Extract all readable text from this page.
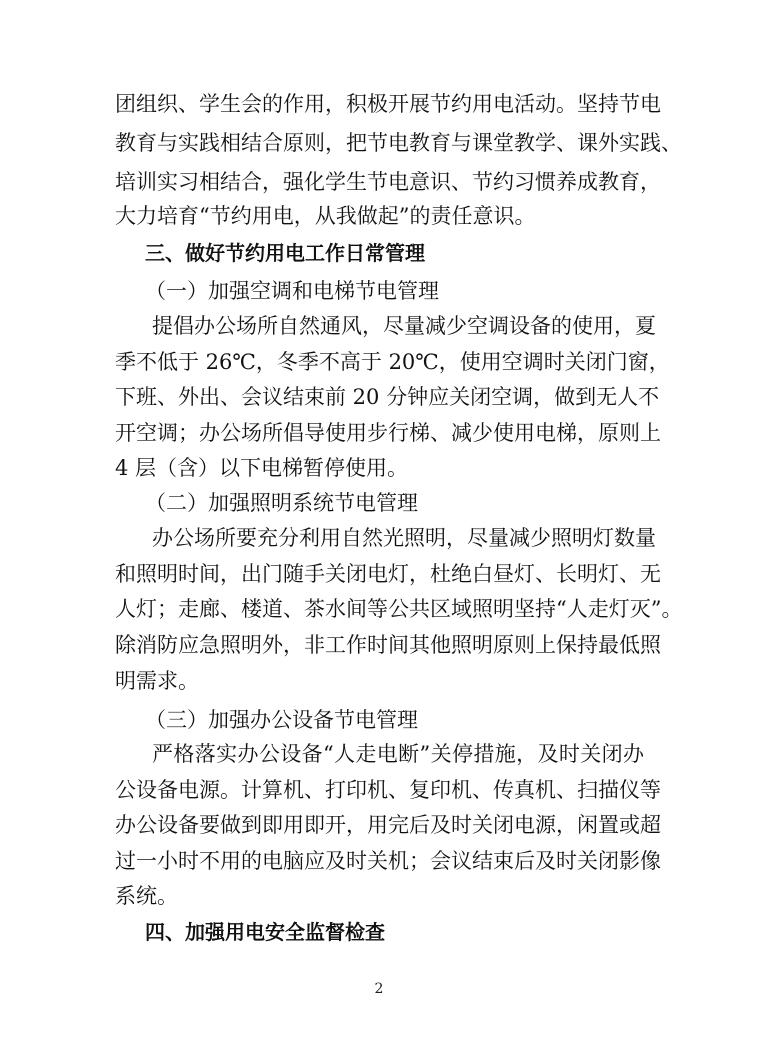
团组织、学生会的作用，积极开展节约用电活动。坚持节电
教育与实践相结合原则，把节电教育与课堂教学、课外实践、
培训实习相结合，强化学生节电意识、节约习惯养成教育，
大力培育“节约用电，从我做起”的责任意识。
三、做好节约用电工作日常管理
（一）加强空调和电梯节电管理
提倡办公场所自然通风，尽量减少空调设备的使用，夏
季不低于 26℃，冬季不高于 20℃，使用空调时关闭门窗，
下班、外出、会议结束前 20 分钟应关闭空调，做到无人不
开空调；办公场所倡导使用步行梯、减少使用电梯，原则上
4 层（含）以下电梯暂停使用。
（二）加强照明系统节电管理
办公场所要充分利用自然光照明，尽量减少照明灯数量
和照明时间，出门随手关闭电灯，杜绝白昼灯、长明灯、无
人灯；走廊、楼道、茶水间等公共区域照明坚持“人走灯灭”。
除消防应急照明外，非工作时间其他照明原则上保持最低照
明需求。
（三）加强办公设备节电管理
严格落实办公设备“人走电断”关停措施，及时关闭办
公设备电源。计算机、打印机、复印机、传真机、扫描仪等
办公设备要做到即用即开，用完后及时关闭电源，闲置或超
过一小时不用的电脑应及时关机；会议结束后及时关闭影像
系统。
四、加强用电安全监督检查
2
